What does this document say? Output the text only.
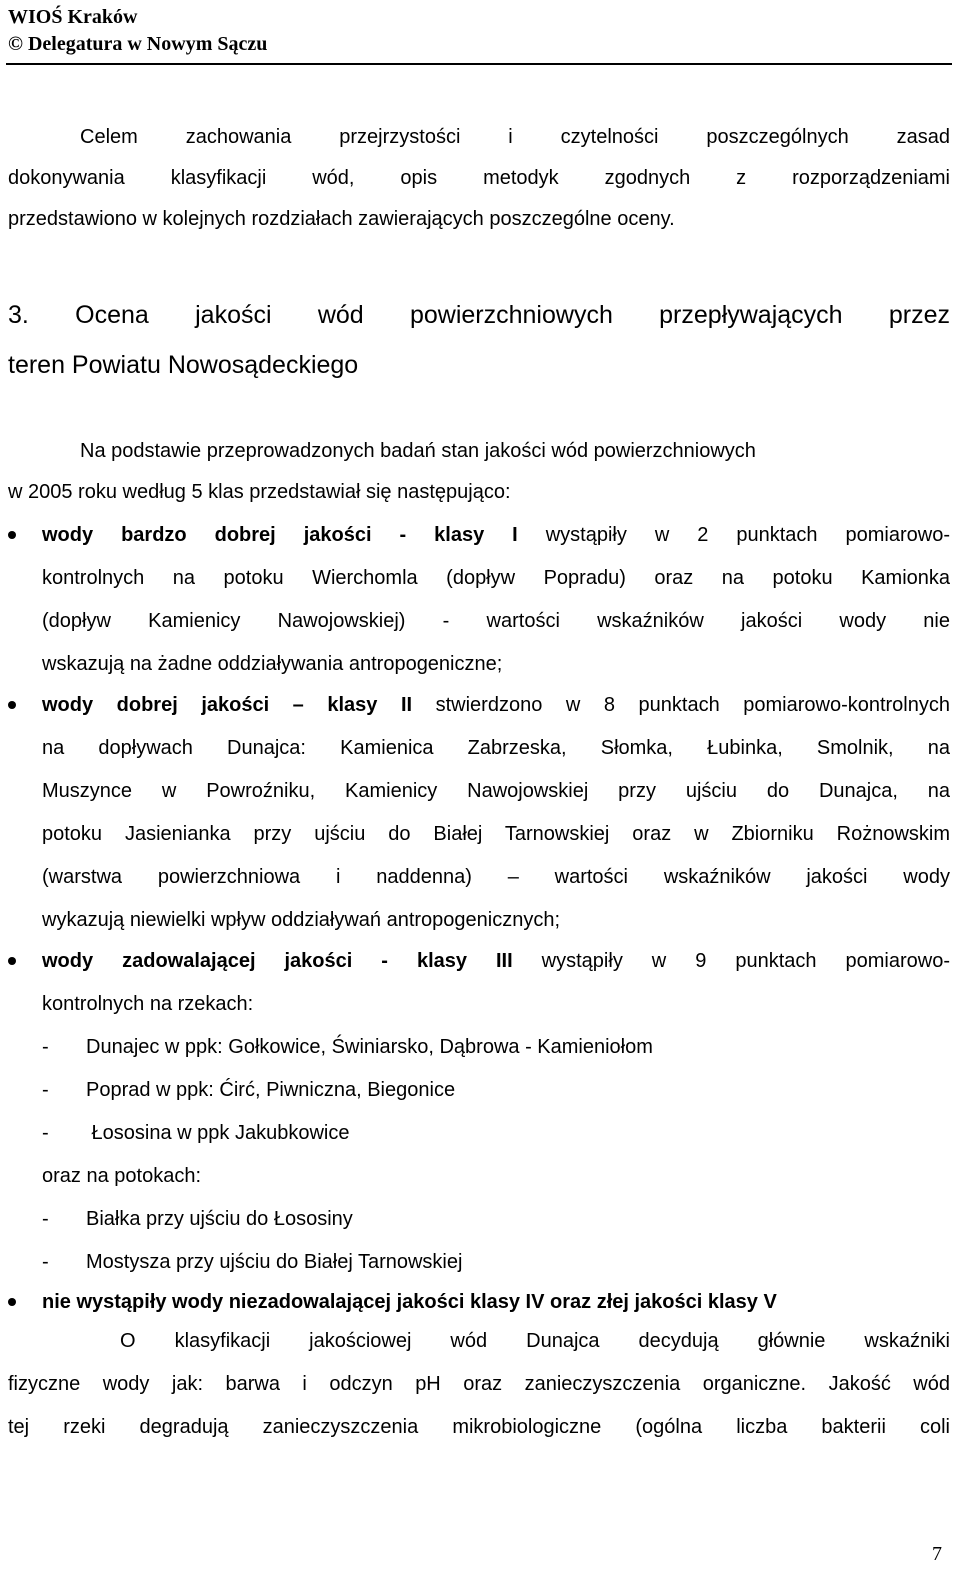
WIOŚ Kraków
© Delegatura w Nowym Sączu
Celem zachowania przejrzystości i czytelności poszczególnych zasad
dokonywania klasyfikacji wód, opis metodyk zgodnych z rozporządzeniami
przedstawiono w kolejnych rozdziałach zawierających poszczególne oceny.
3. Ocena jakości wód powierzchniowych przepływających przez
teren Powiatu Nowosądeckiego
Na podstawie przeprowadzonych badań stan jakości wód powierzchniowych
w 2005 roku według 5 klas przedstawiał się następująco:
wody bardzo dobrej jakości - klasy I wystąpiły w 2 punktach pomiarowo-
kontrolnych na potoku Wierchomla (dopływ Popradu) oraz na potoku Kamionka
(dopływ Kamienicy Nawojowskiej) - wartości wskaźników jakości wody nie
wskazują na żadne oddziaływania antropogeniczne;
wody dobrej jakości – klasy II stwierdzono w 8 punktach pomiarowo-kontrolnych
na dopływach Dunajca: Kamienica Zabrzeska, Słomka, Łubinka, Smolnik, na
Muszynce w Powroźniku, Kamienicy Nawojowskiej przy ujściu do Dunajca, na
potoku Jasienianka przy ujściu do Białej Tarnowskiej oraz w Zbiorniku Rożnowskim
(warstwa powierzchniowa i naddenna) – wartości wskaźników jakości wody
wykazują niewielki wpływ oddziaływań antropogenicznych;
wody zadowalającej jakości - klasy III wystąpiły w 9 punktach pomiarowo-
kontrolnych na rzekach:
- Dunajec w ppk: Gołkowice, Świniarsko, Dąbrowa - Kamieniołom
- Poprad w ppk: Ćirć, Piwniczna, Biegonice
- Łososina w ppk Jakubkowice
oraz na potokach:
- Białka przy ujściu do Łososiny
- Mostysza przy ujściu do Białej Tarnowskiej
nie wystąpiły wody niezadowalającej jakości klasy IV oraz złej jakości klasy V
O klasyfikacji jakościowej wód Dunajca decydują głównie wskaźniki
fizyczne wody jak: barwa i odczyn pH oraz zanieczyszczenia organiczne. Jakość wód
tej rzeki degradują zanieczyszczenia mikrobiologiczne (ogólna liczba bakterii coli
7
